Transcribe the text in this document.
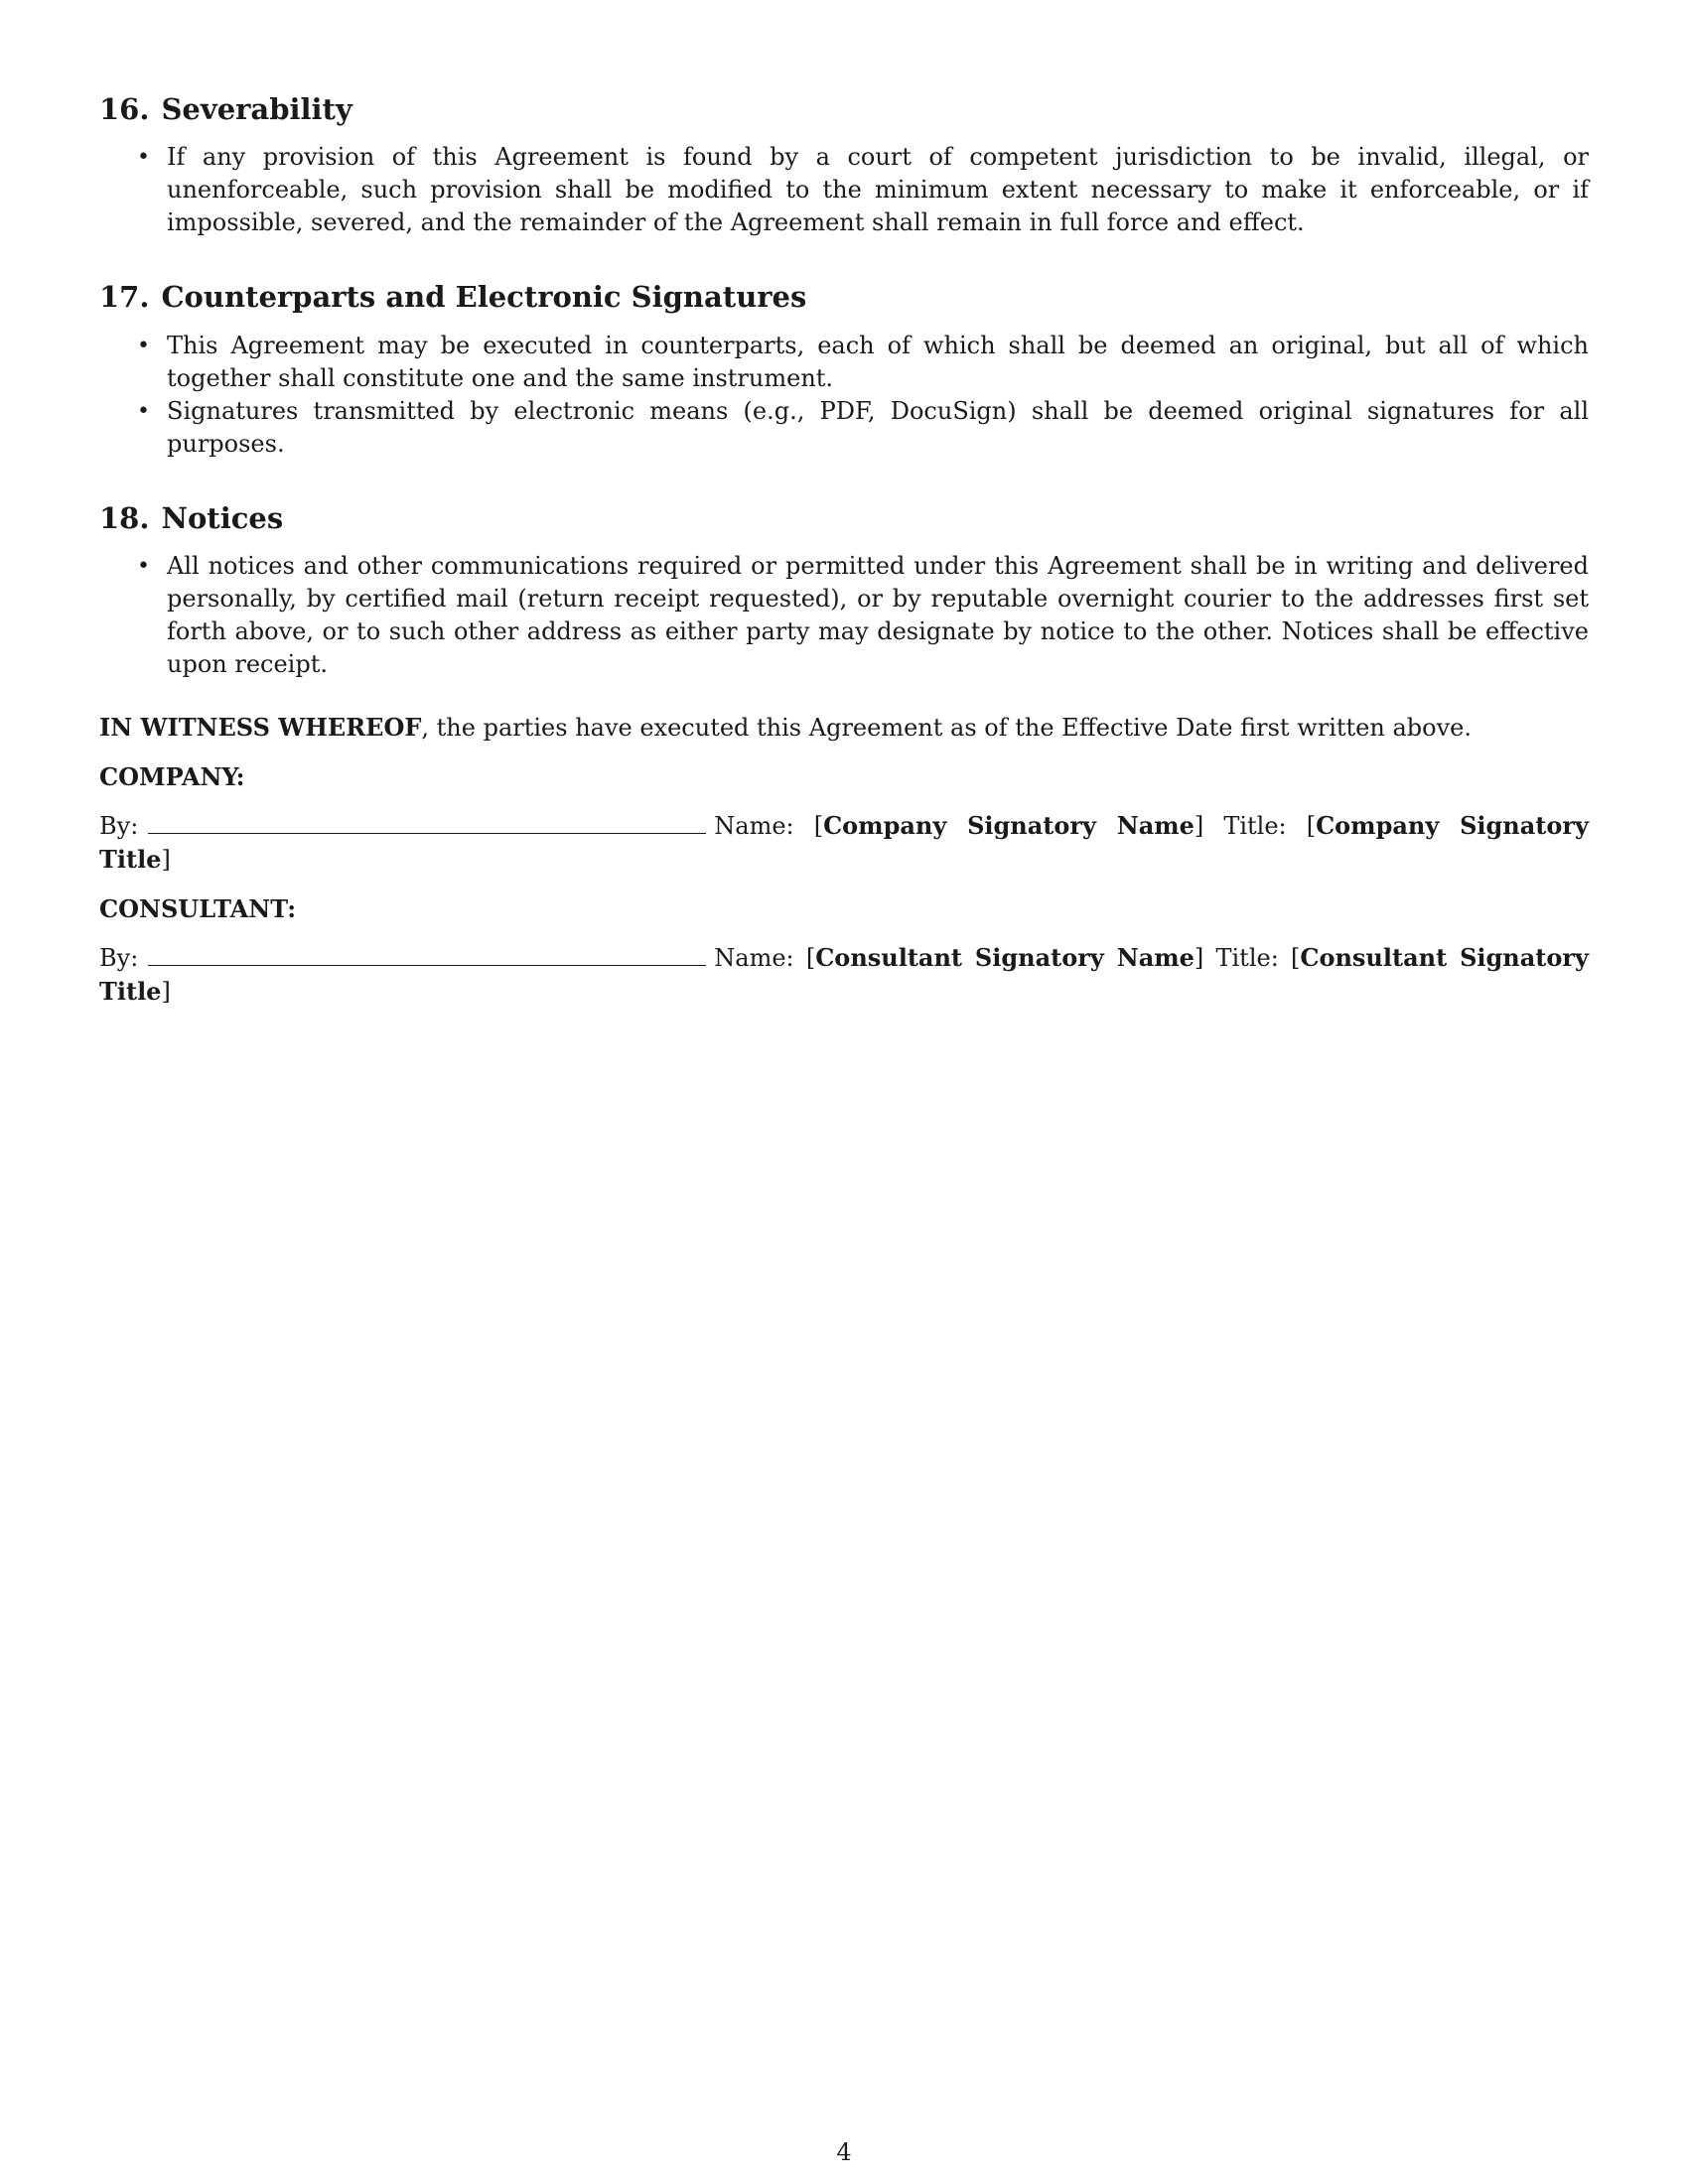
16. Severability
• If any provision of this Agreement is found by a court of competent jurisdiction to be invalid, illegal, or unenforceable, such provision shall be modified to the minimum extent necessary to make it enforceable, or if impossible, severed, and the remainder of the Agreement shall remain in full force and effect.
17. Counterparts and Electronic Signatures
• This Agreement may be executed in counterparts, each of which shall be deemed an original, but all of which together shall constitute one and the same instrument.
• Signatures transmitted by electronic means (e.g., PDF, DocuSign) shall be deemed original signatures for all purposes.
18. Notices
• All notices and other communications required or permitted under this Agreement shall be in writing and delivered personally, by certified mail (return receipt requested), or by reputable overnight courier to the addresses first set forth above, or to such other address as either party may designate by notice to the other. Notices shall be effective upon receipt.

IN WITNESS WHEREOF, the parties have executed this Agreement as of the Effective Date first written above.

COMPANY:

By:	Name: [Company Signatory Name] Title: [Company Signatory Title]

CONSULTANT:

By:	Name: [Consultant Signatory Name] Title: [Consultant Signatory Title]

4
